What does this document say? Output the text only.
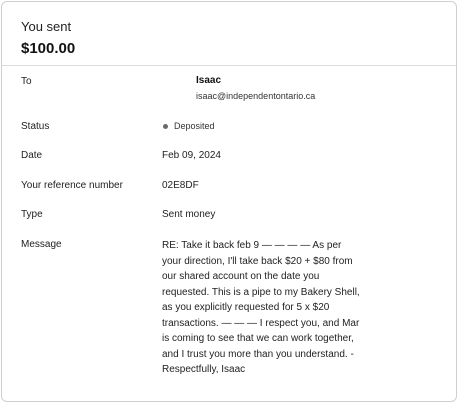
You sent
$100.00
To	Isaac
isaac@independentontario.ca
Status	Deposited
Date	Feb 09, 2024
Your reference number	02E8DF
Type	Sent money
Message	RE: Take it back feb 9 — — — — As per your direction, I'll take back $20 + $80 from our shared account on the date you requested. This is a pipe to my Bakery Shell, as you explicitly requested for 5 x $20 transactions. — — — I respect you, and Mar is coming to see that we can work together, and I trust you more than you understand. - Respectfully, Isaac
